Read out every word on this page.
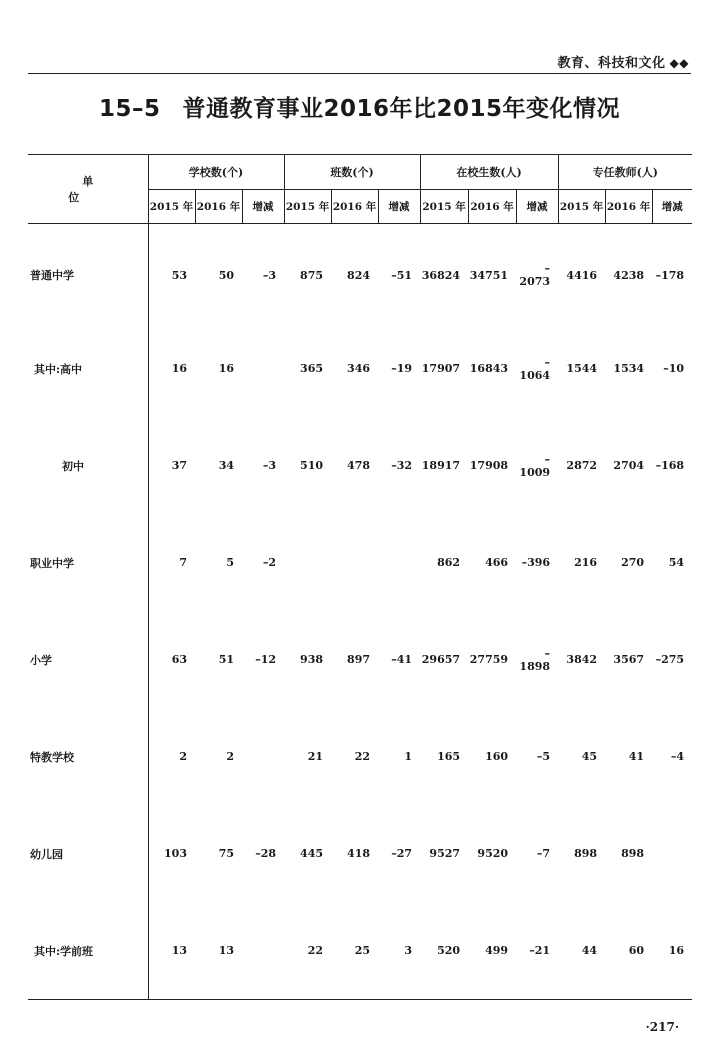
教育、科技和文化 ◆◆
15–5 普通教育事业2016年比2015年变化情况
单 位	学校数(个)			班数(个)			在校生数(人)			专任教师(人)		
	2015 年	2016 年	增减	2015 年	2016 年	增减	2015 年	2016 年	增减	2015 年	2016 年	增减
普通中学	53	50	–3	875	824	–51	36824	34751	–2073	4416	4238	–178
其中:高中	16	16		365	346	–19	17907	16843	–1064	1544	1534	–10
初中	37	34	–3	510	478	–32	18917	17908	–1009	2872	2704	–168
职业中学	7	5	–2				862	466	–396	216	270	54
小学	63	51	–12	938	897	–41	29657	27759	–1898	3842	3567	–275
特教学校	2	2		21	22	1	165	160	–5	45	41	–4
幼儿园	103	75	–28	445	418	–27	9527	9520	–7	898	898	
其中:学前班	13	13		22	25	3	520	499	–21	44	60	16
·217·
